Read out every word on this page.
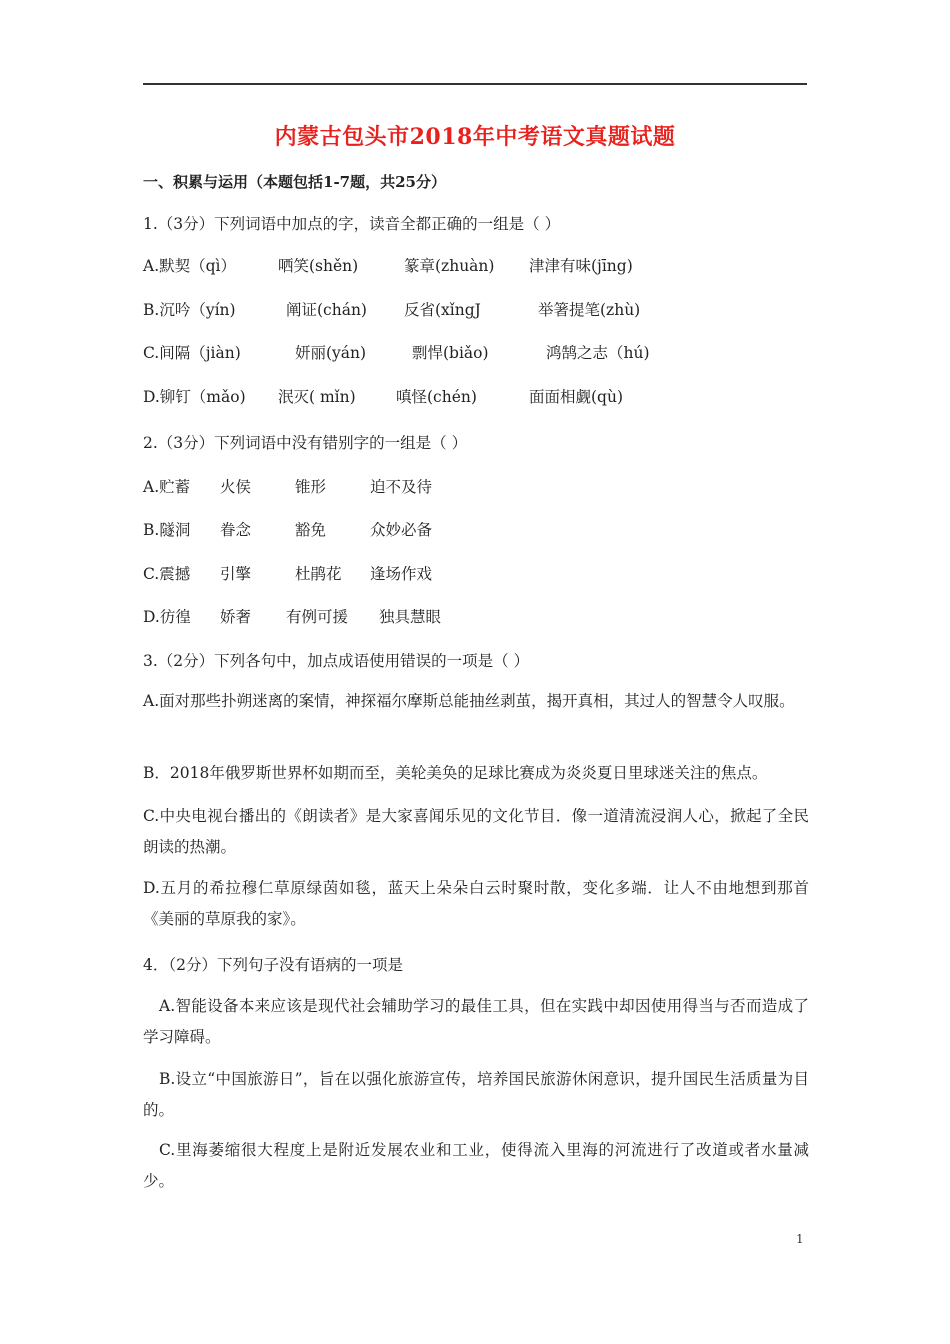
内蒙古包头市2018年中考语文真题试题
一、积累与运用（本题包括1-7题，共25分）
1.（3分）下列词语中加点的字，读音全都正确的一组是（ ）
A.默契（qì）	哂笑(shěn)	篆章(zhuàn) 津津有味(jīng)
B.沉吟（yín)	阐证(chán) 反省(xǐngJ	举箸提笔(zhù)
C.间隔（jiàn)	妍丽(yán)	剽悍(biǎo)	鸿鹄之志（hú)
D.铆钉（mǎo) 泯灭( mǐn)	嗔怪(chén)	面面相觑(qù)
2.（3分）下列词语中没有错别字的一组是（ ）
A.贮蓄 火侯	锥形	迫不及待
B.隧洞 眷念	豁免	众妙必备
C.震撼 引擎	杜鹃花 逢场作戏
D.彷徨 娇奢 有例可援 独具慧眼
3.（2分）下列各句中，加点成语使用错误的一项是（ ）
A.面对那些扑朔迷离的案情，神探福尔摩斯总能抽丝剥茧，揭开真相，其过人的智慧令人叹服。
B．2018年俄罗斯世界杯如期而至，美轮美奂的足球比赛成为炎炎夏日里球迷关注的焦点。
C.中央电视台播出的《朗读者》是大家喜闻乐见的文化节目．像一道清流浸润人心，掀起了全民朗读的热潮。
D.五月的希拉穆仁草原绿茵如毯，蓝天上朵朵白云时聚时散，变化多端．让人不由地想到那首《美丽的草原我的家》。
4．（2分）下列句子没有语病的一项是
A.智能设备本来应该是现代社会辅助学习的最佳工具，但在实践中却因使用得当与否而造成了学习障碍。
B.设立“中国旅游日”，旨在以强化旅游宣传，培养国民旅游休闲意识，提升国民生活质量为目的。
C.里海萎缩很大程度上是附近发展农业和工业，使得流入里海的河流进行了改道或者水量减少。
1
